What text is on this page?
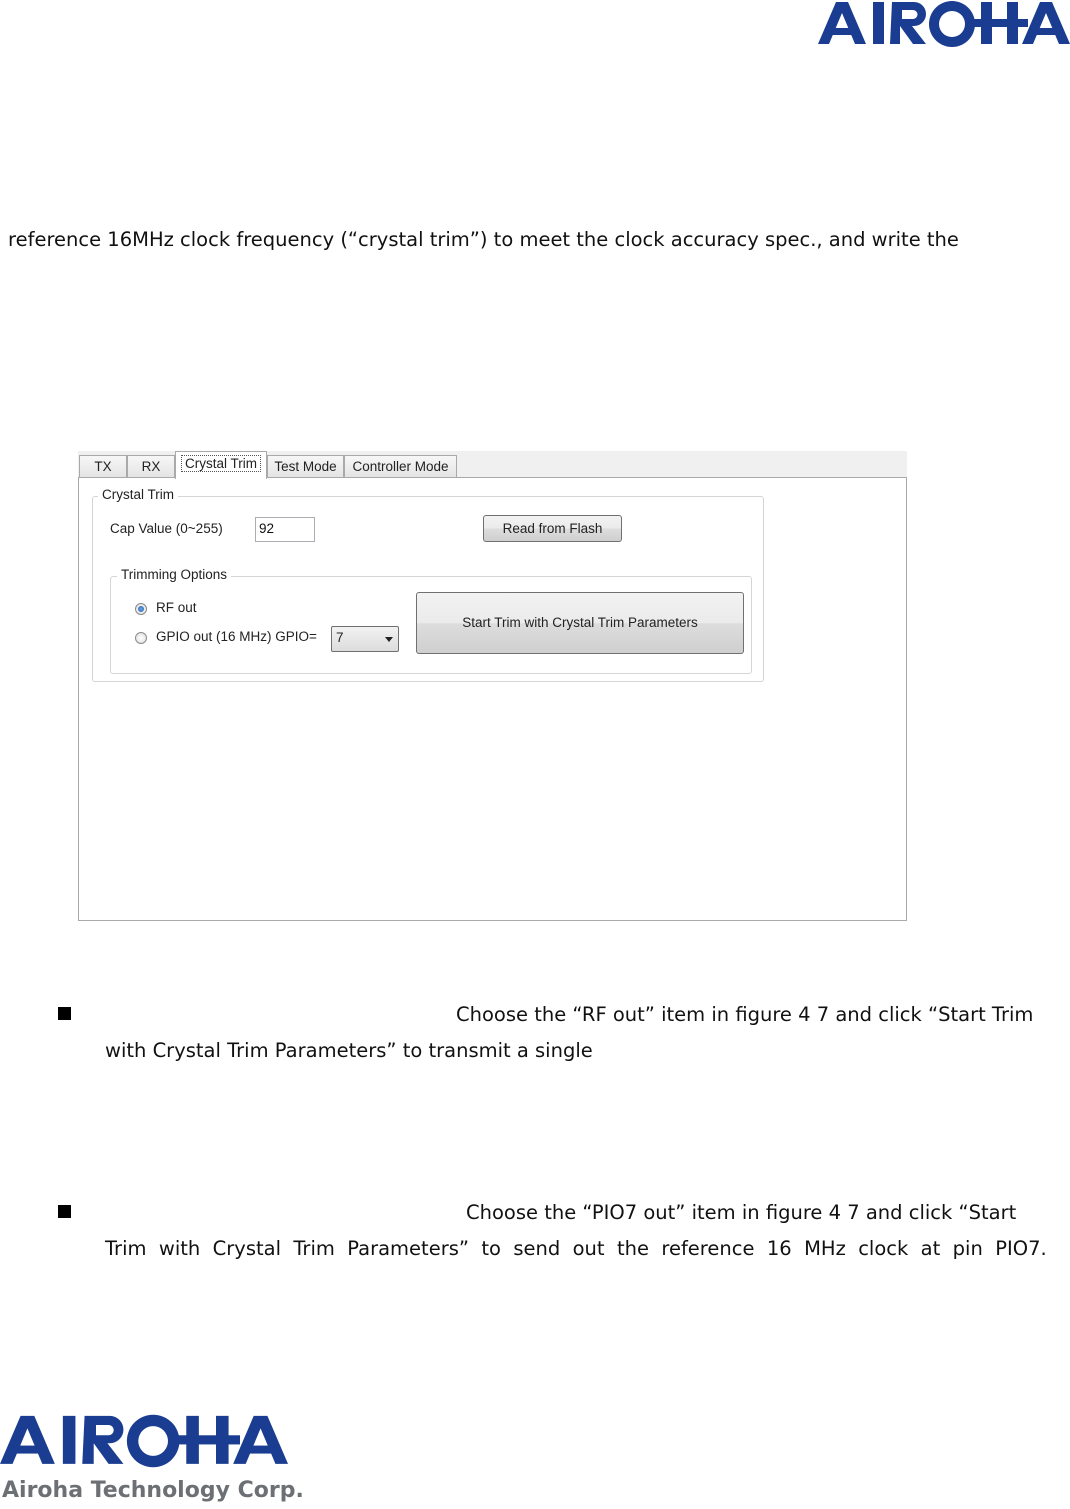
reference 16MHz clock frequency (“crystal trim”) to meet the clock accuracy spec., and write the
TX	RX	Crystal Trim	Test Mode	Controller Mode
Crystal Trim
Cap Value (0~255)	92	Read from Flash
Trimming Options
RF out
GPIO out (16 MHz) GPIO=	7
Start Trim with Crystal Trim Parameters
Choose the “RF out” item in figure 4 7 and click “Start Trim
with Crystal Trim Parameters” to transmit a single
Choose the “PIO7 out” item in figure 4 7 and click “Start
Trim  with  Crystal  Trim  Parameters”  to  send  out  the  reference  16  MHz  clock  at  pin  PIO7.
Airoha Technology Corp.
